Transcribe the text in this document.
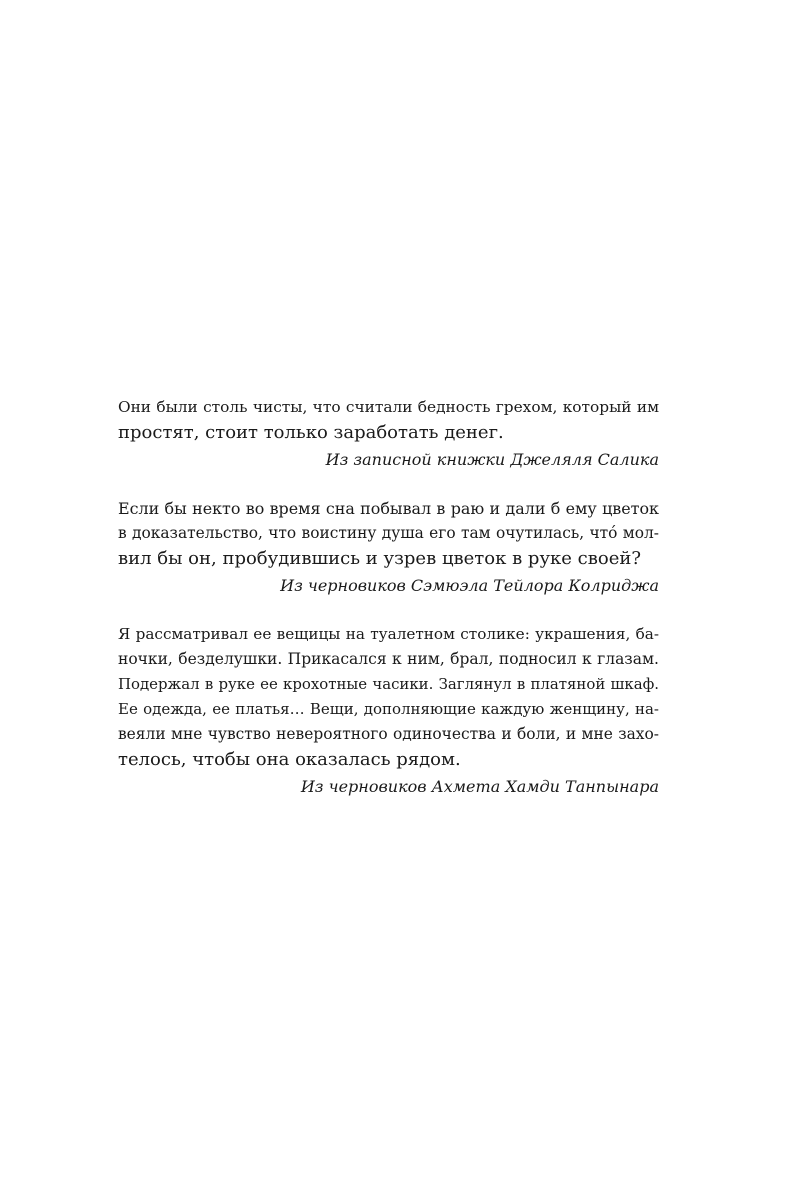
Они были столь чисты, что считали бедность грехом, который им
простят, стоит только заработать денег.
Из записной книжки Джеляля Салика
Если бы некто во время сна побывал в раю и дали б ему цветок
в доказательство, что воистину душа его там очутилась, что́ мол-
вил бы он, пробудившись и узрев цветок в руке своей?
Из черновиков Сэмюэла Тейлора Колриджа
Я рассматривал ее вещицы на туалетном столике: украшения, ба-
ночки, безделушки. Прикасался к ним, брал, подносил к глазам.
Подержал в руке ее крохотные часики. Заглянул в платяной шкаф.
Ее одежда, ее платья… Вещи, дополняющие каждую женщину, на-
веяли мне чувство невероятного одиночества и боли, и мне захо-
телось, чтобы она оказалась рядом.
Из черновиков Ахмета Хамди Танпынара
